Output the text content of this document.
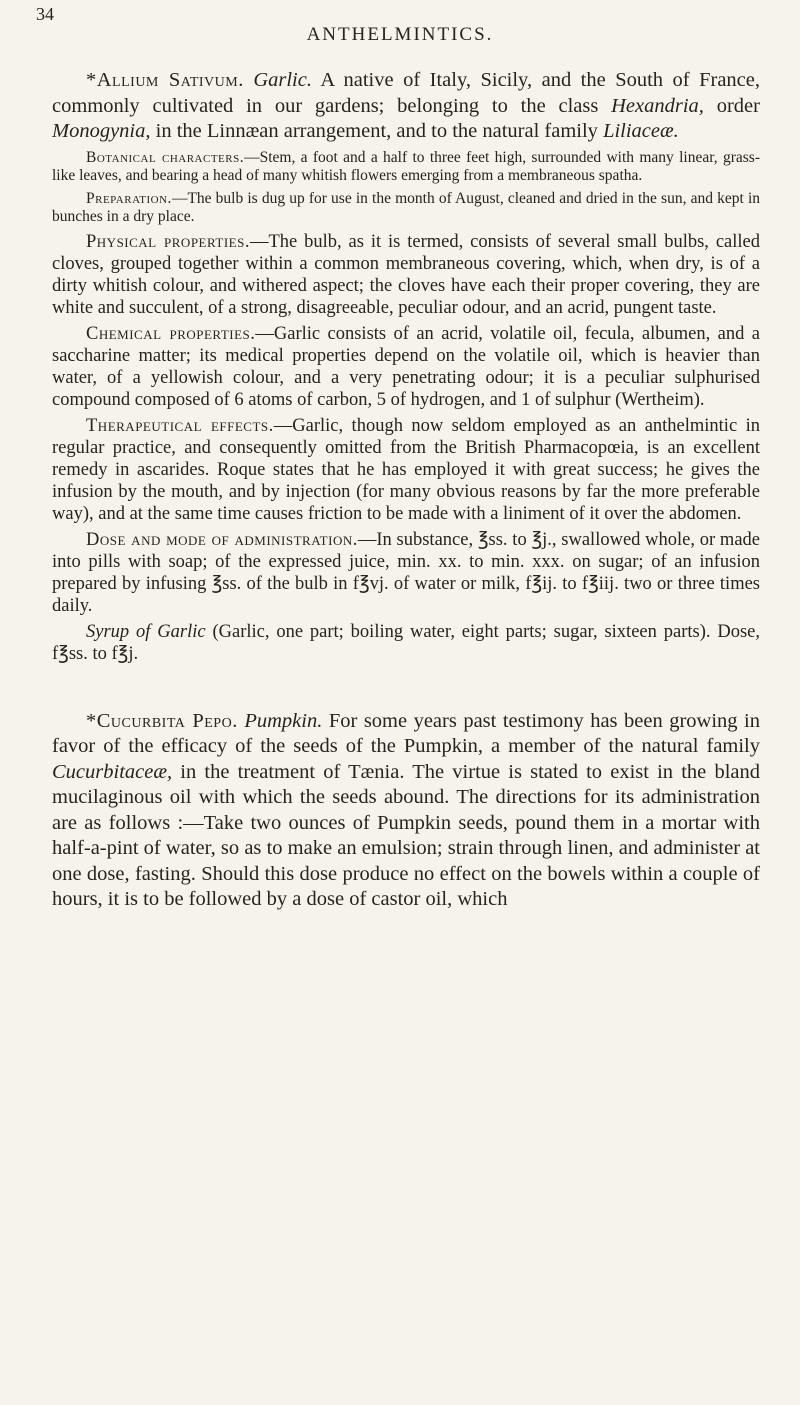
34
ANTHELMINTICS.

*Allium Sativum. Garlic. A native of Italy, Sicily, and the South of France, commonly cultivated in our gardens; belonging to the class Hexandria, order Monogynia, in the Linnæan arrangement, and to the natural family Liliaceæ.

Botanical characters.—Stem, a foot and a half to three feet high, surrounded with many linear, grass-like leaves, and bearing a head of many whitish flowers emerging from a membraneous spatha.

Preparation.—The bulb is dug up for use in the month of August, cleaned and dried in the sun, and kept in bunches in a dry place.

Physical properties.—The bulb, as it is termed, consists of several small bulbs, called cloves, grouped together within a common membraneous covering, which, when dry, is of a dirty whitish colour, and withered aspect; the cloves have each their proper covering, they are white and succulent, of a strong, disagreeable, peculiar odour, and an acrid, pungent taste.

Chemical properties.—Garlic consists of an acrid, volatile oil, fecula, albumen, and a saccharine matter; its medical properties depend on the volatile oil, which is heavier than water, of a yellowish colour, and a very penetrating odour; it is a peculiar sulphurised compound composed of 6 atoms of carbon, 5 of hydrogen, and 1 of sulphur (Wertheim).

Therapeutical effects.—Garlic, though now seldom employed as an anthelmintic in regular practice, and consequently omitted from the British Pharmacopœia, is an excellent remedy in ascarides. Roque states that he has employed it with great success; he gives the infusion by the mouth, and by injection (for many obvious reasons by far the more preferable way), and at the same time causes friction to be made with a liniment of it over the abdomen.

Dose and mode of administration.—In substance, ℥ss. to ℥j., swallowed whole, or made into pills with soap; of the expressed juice, min. xx. to min. xxx. on sugar; of an infusion prepared by infusing ℥ss. of the bulb in f℥vj. of water or milk, f℥ij. to f℥iij. two or three times daily.

Syrup of Garlic (Garlic, one part; boiling water, eight parts; sugar, sixteen parts). Dose, f℥ss. to f℥j.

*Cucurbita Pepo. Pumpkin. For some years past testimony has been growing in favor of the efficacy of the seeds of the Pumpkin, a member of the natural family Cucurbitaceæ, in the treatment of Tænia. The virtue is stated to exist in the bland mucilaginous oil with which the seeds abound. The directions for its administration are as follows :—Take two ounces of Pumpkin seeds, pound them in a mortar with half-a-pint of water, so as to make an emulsion; strain through linen, and administer at one dose, fasting. Should this dose produce no effect on the bowels within a couple of hours, it is to be followed by a dose of castor oil, which
